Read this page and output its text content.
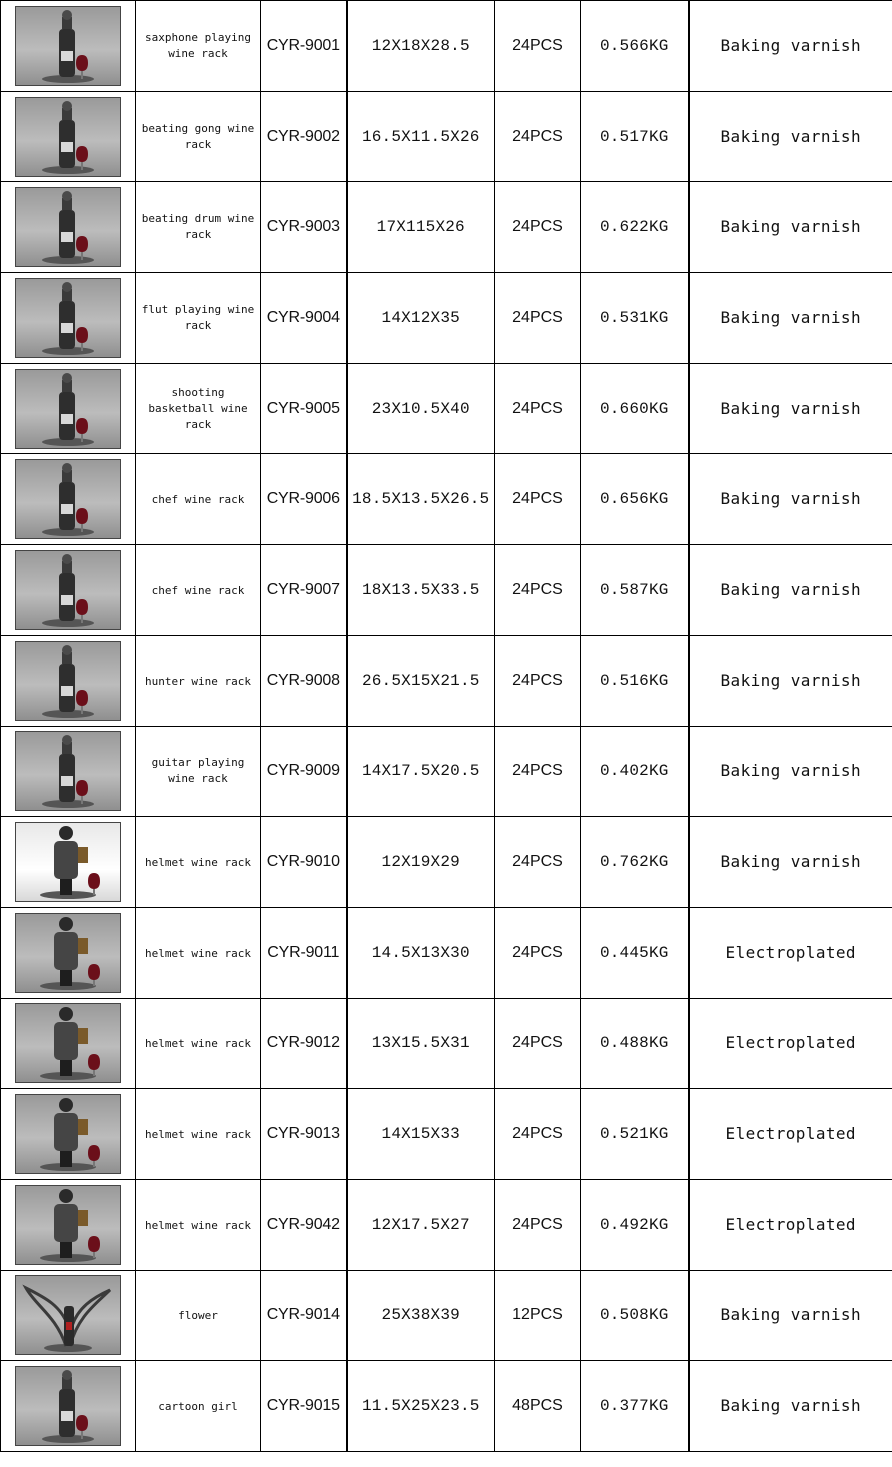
	saxphone playing wine rack	CYR-9001	12X18X28.5	24PCS	0.566KG	Baking varnish

	beating gong wine rack	CYR-9002	16.5X11.5X26	24PCS	0.517KG	Baking varnish

	beating drum wine rack	CYR-9003	17X115X26	24PCS	0.622KG	Baking varnish

	flut playing wine rack	CYR-9004	14X12X35	24PCS	0.531KG	Baking varnish

	shooting basketball wine rack	CYR-9005	23X10.5X40	24PCS	0.660KG	Baking varnish

	chef wine rack	CYR-9006	18.5X13.5X26.5	24PCS	0.656KG	Baking varnish

	chef wine rack	CYR-9007	18X13.5X33.5	24PCS	0.587KG	Baking varnish

	hunter wine rack	CYR-9008	26.5X15X21.5	24PCS	0.516KG	Baking varnish

	guitar playing wine rack	CYR-9009	14X17.5X20.5	24PCS	0.402KG	Baking varnish

	helmet wine rack	CYR-9010	12X19X29	24PCS	0.762KG	Baking varnish

	helmet wine rack	CYR-9011	14.5X13X30	24PCS	0.445KG	Electroplated

	helmet wine rack	CYR-9012	13X15.5X31	24PCS	0.488KG	Electroplated

	helmet wine rack	CYR-9013	14X15X33	24PCS	0.521KG	Electroplated

	helmet wine rack	CYR-9042	12X17.5X27	24PCS	0.492KG	Electroplated

	flower	CYR-9014	25X38X39	12PCS	0.508KG	Baking varnish

	cartoon girl	CYR-9015	11.5X25X23.5	48PCS	0.377KG	Baking varnish
